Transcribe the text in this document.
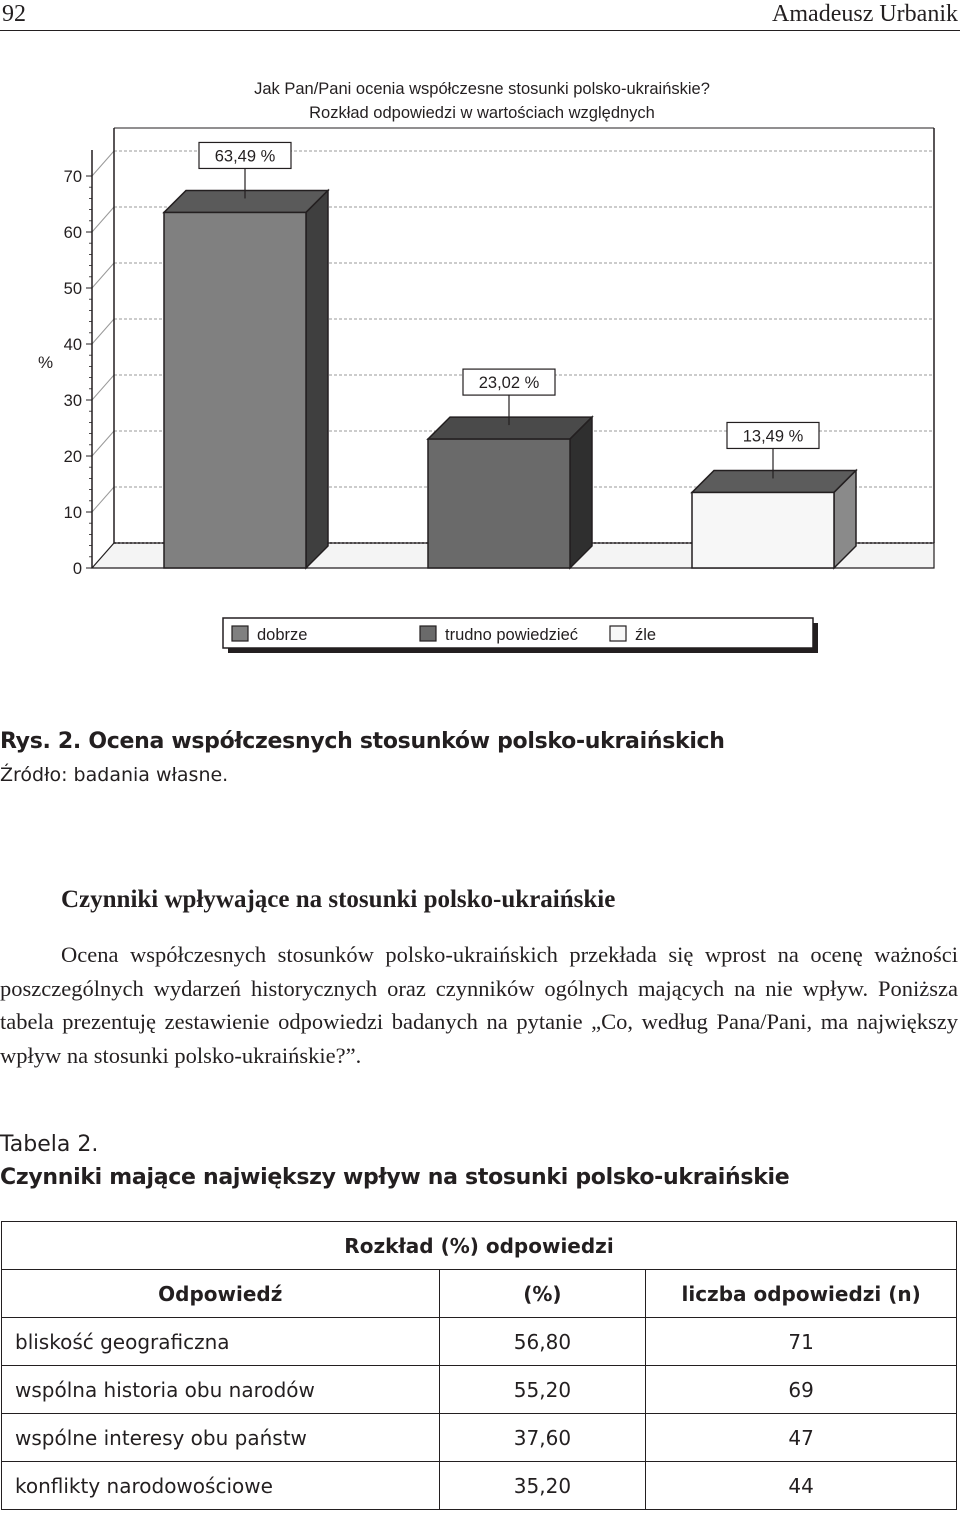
92	Amadeusz Urbanik
Jak Pan/Pani ocenia współczesne stosunki polsko-ukraińskie?
Rozkład odpowiedzi w wartościach względnych
0
10
20
30
40
50
60
70
%
63,49 %
23,02 %
13,49 %
dobrze	trudno powiedzieć	źle
Rys. 2. Ocena współczesnych stosunków polsko-ukraińskich
Źródło: badania własne.
Czynniki wpływające na stosunki polsko-ukraińskie

Ocena współczesnych stosunków polsko-ukraińskich przekłada się wprost na ocenę ważności poszczególnych wydarzeń historycznych oraz czynników ogólnych mających na nie wpływ. Poniższa tabela prezentuję zestawienie odpowiedzi badanych na pytanie „Co, według Pana/Pani, ma największy wpływ na stosunki polsko-ukraińskie?”.

Tabela 2.
Czynniki mające największy wpływ na stosunki polsko-ukraińskie
Rozkład (%) odpowiedzi		
Odpowiedź	(%)	liczba odpowiedzi (n)
bliskość geograficzna	56,80	71
wspólna historia obu narodów	55,20	69
wspólne interesy obu państw	37,60	47
konflikty narodowościowe	35,20	44
